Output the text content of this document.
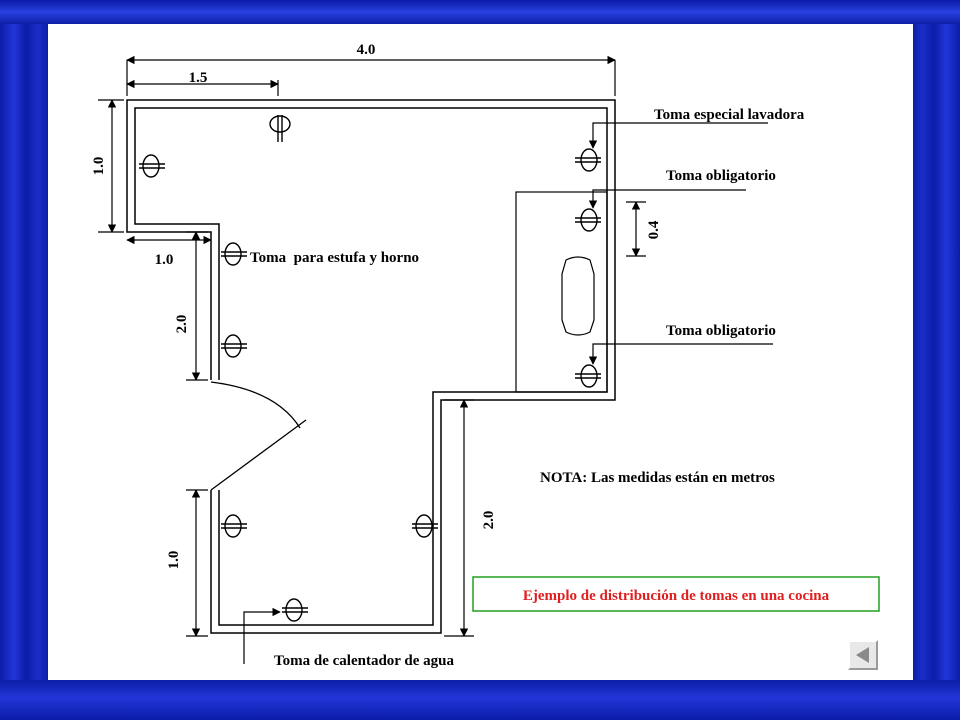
4.0
1.5
1.0
1.0
2.0
1.0
0.4
2.0
Toma especial lavadora
Toma obligatorio
Toma obligatorio
Toma  para estufa y horno
Toma de calentador de agua
NOTA: Las medidas están en metros
Ejemplo de distribución de tomas en una cocina
